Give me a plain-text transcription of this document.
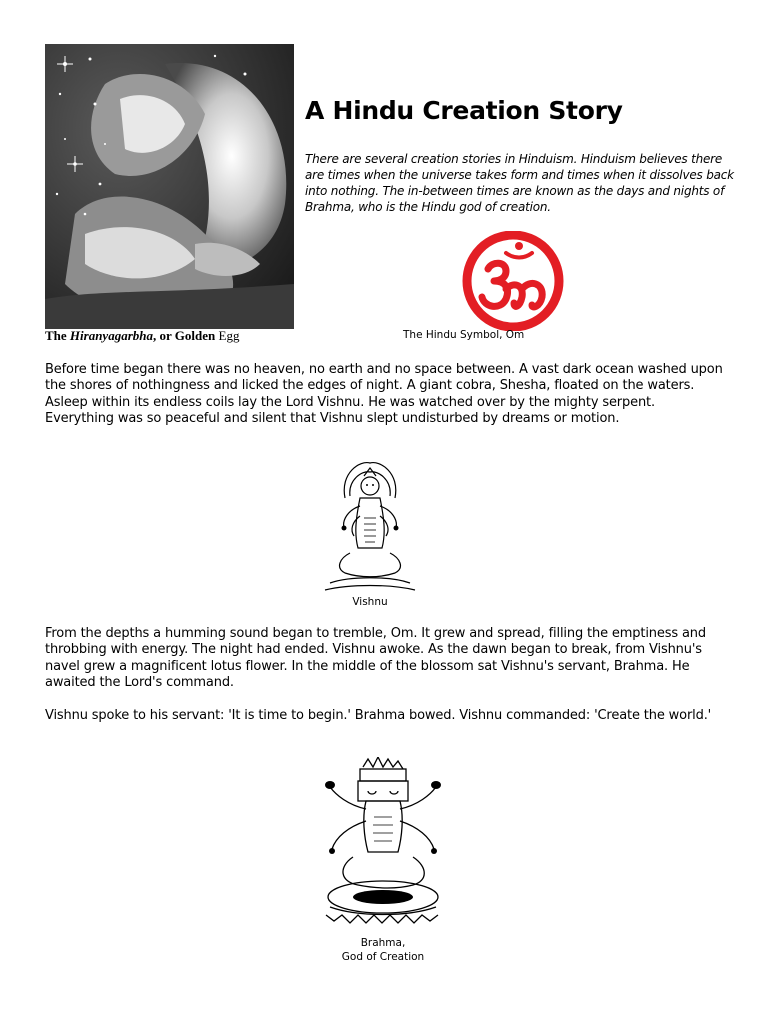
The Hiranyagarbha, or Golden Egg
A Hindu Creation Story

There are several creation stories in Hinduism. Hinduism believes there are times when the universe takes form and times when it dissolves back into nothing. The in-between times are known as the days and nights of Brahma, who is the Hindu god of creation.

The Hindu Symbol, Om

Before time began there was no heaven, no earth and no space between. A vast dark ocean washed upon the shores of nothingness and licked the edges of night. A giant cobra, Shesha, floated on the waters. Asleep within its endless coils lay the Lord Vishnu. He was watched over by the mighty serpent. Everything was so peaceful and silent that Vishnu slept undisturbed by dreams or motion.

Vishnu

From the depths a humming sound began to tremble, Om. It grew and spread, filling the emptiness and throbbing with energy. The night had ended. Vishnu awoke. As the dawn began to break, from Vishnu's navel grew a magnificent lotus flower. In the middle of the blossom sat Vishnu's servant, Brahma. He awaited the Lord's command.

Vishnu spoke to his servant: 'It is time to begin.' Brahma bowed. Vishnu commanded: 'Create the world.'

Brahma,
God of Creation
